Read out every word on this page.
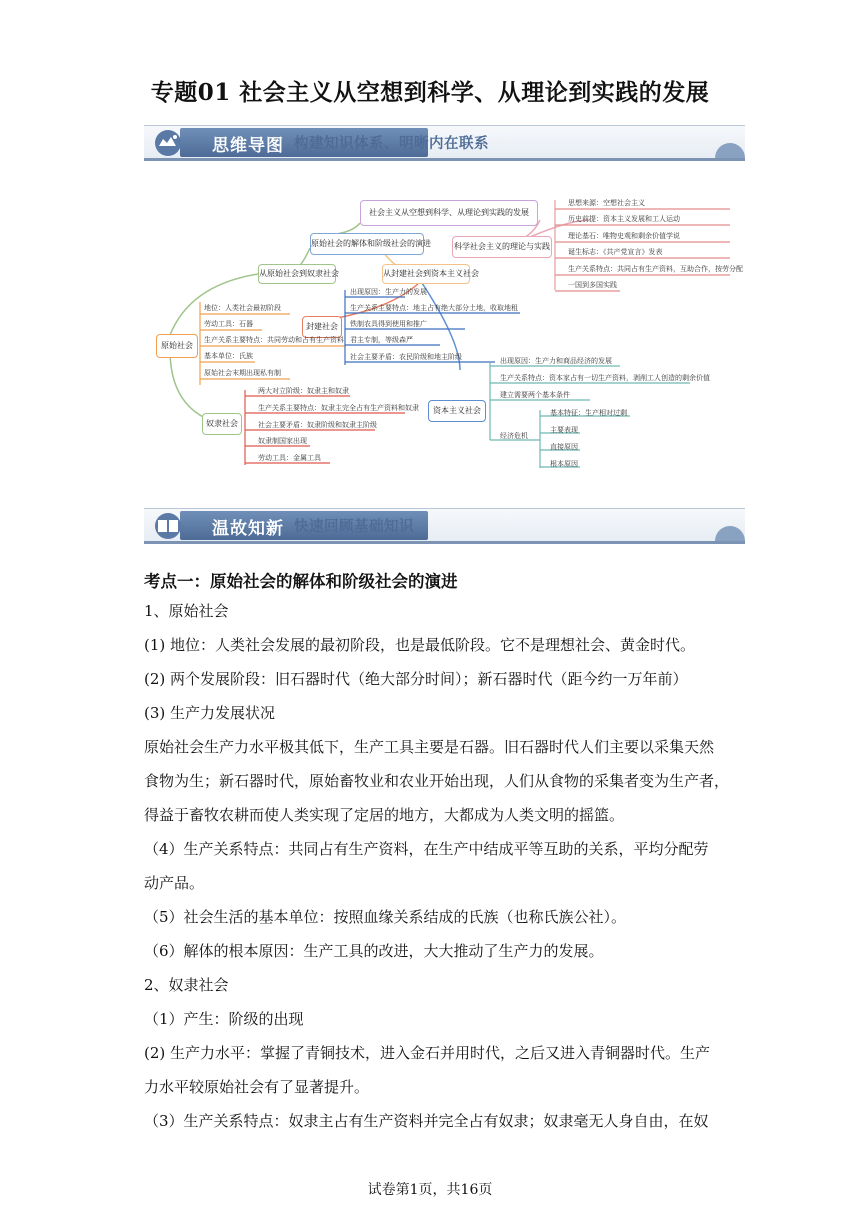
专题01 社会主义从空想到科学、从理论到实践的发展
思维导图 构建知识体系、明晰内在联系
社会主义从空想到科学、从理论到实践的发展
原始社会的解体和阶级社会的演进	科学社会主义的理论与实践
从原始社会到奴隶社会	从封建社会到资本主义社会
原始社会
封建社会
奴隶社会
资本主义社会
思想来源：空想社会主义
历史前提：资本主义发展和工人运动
理论基石：唯物史观和剩余价值学说
诞生标志：《共产党宣言》发表
生产关系特点：共同占有生产资料，互助合作，按劳分配
一国到多国实践
地位：人类社会最初阶段
劳动工具：石器
生产关系主要特点：共同劳动和占有生产资料
基本单位：氏族
原始社会末期出现私有制
出现原因：生产力的发展
生产关系主要特点：地主占有绝大部分土地，收取地租
铁制农具得到使用和推广
君主专制，等级森严
社会主要矛盾：农民阶级和地主阶级
两大对立阶级：奴隶主和奴隶
生产关系主要特点：奴隶主完全占有生产资料和奴隶
社会主要矛盾：奴隶阶级和奴隶主阶级
奴隶制国家出现
劳动工具：金属工具
出现原因：生产力和商品经济的发展
生产关系特点：资本家占有一切生产资料，剥削工人创造的剩余价值
建立需要两个基本条件
经济危机
基本特征：生产相对过剩
主要表现
直接原因
根本原因
温故知新 快速回顾基础知识
考点一：原始社会的解体和阶级社会的演进
1、原始社会
(1) 地位：人类社会发展的最初阶段，也是最低阶段。它不是理想社会、黄金时代。
(2) 两个发展阶段：旧石器时代（绝大部分时间）；新石器时代（距今约一万年前）
(3) 生产力发展状况
原始社会生产力水平极其低下，生产工具主要是石器。旧石器时代人们主要以采集天然
食物为生；新石器时代，原始畜牧业和农业开始出现，人们从食物的采集者变为生产者，
得益于畜牧农耕而使人类实现了定居的地方，大都成为人类文明的摇篮。
（4）生产关系特点：共同占有生产资料，在生产中结成平等互助的关系，平均分配劳
动产品。
（5）社会生活的基本单位：按照血缘关系结成的氏族（也称氏族公社）。
（6）解体的根本原因：生产工具的改进，大大推动了生产力的发展。
2、奴隶社会
（1）产生：阶级的出现
(2) 生产力水平：掌握了青铜技术，进入金石并用时代，之后又进入青铜器时代。生产
力水平较原始社会有了显著提升。
（3）生产关系特点：奴隶主占有生产资料并完全占有奴隶；奴隶毫无人身自由，在奴
试卷第1页，共16页
